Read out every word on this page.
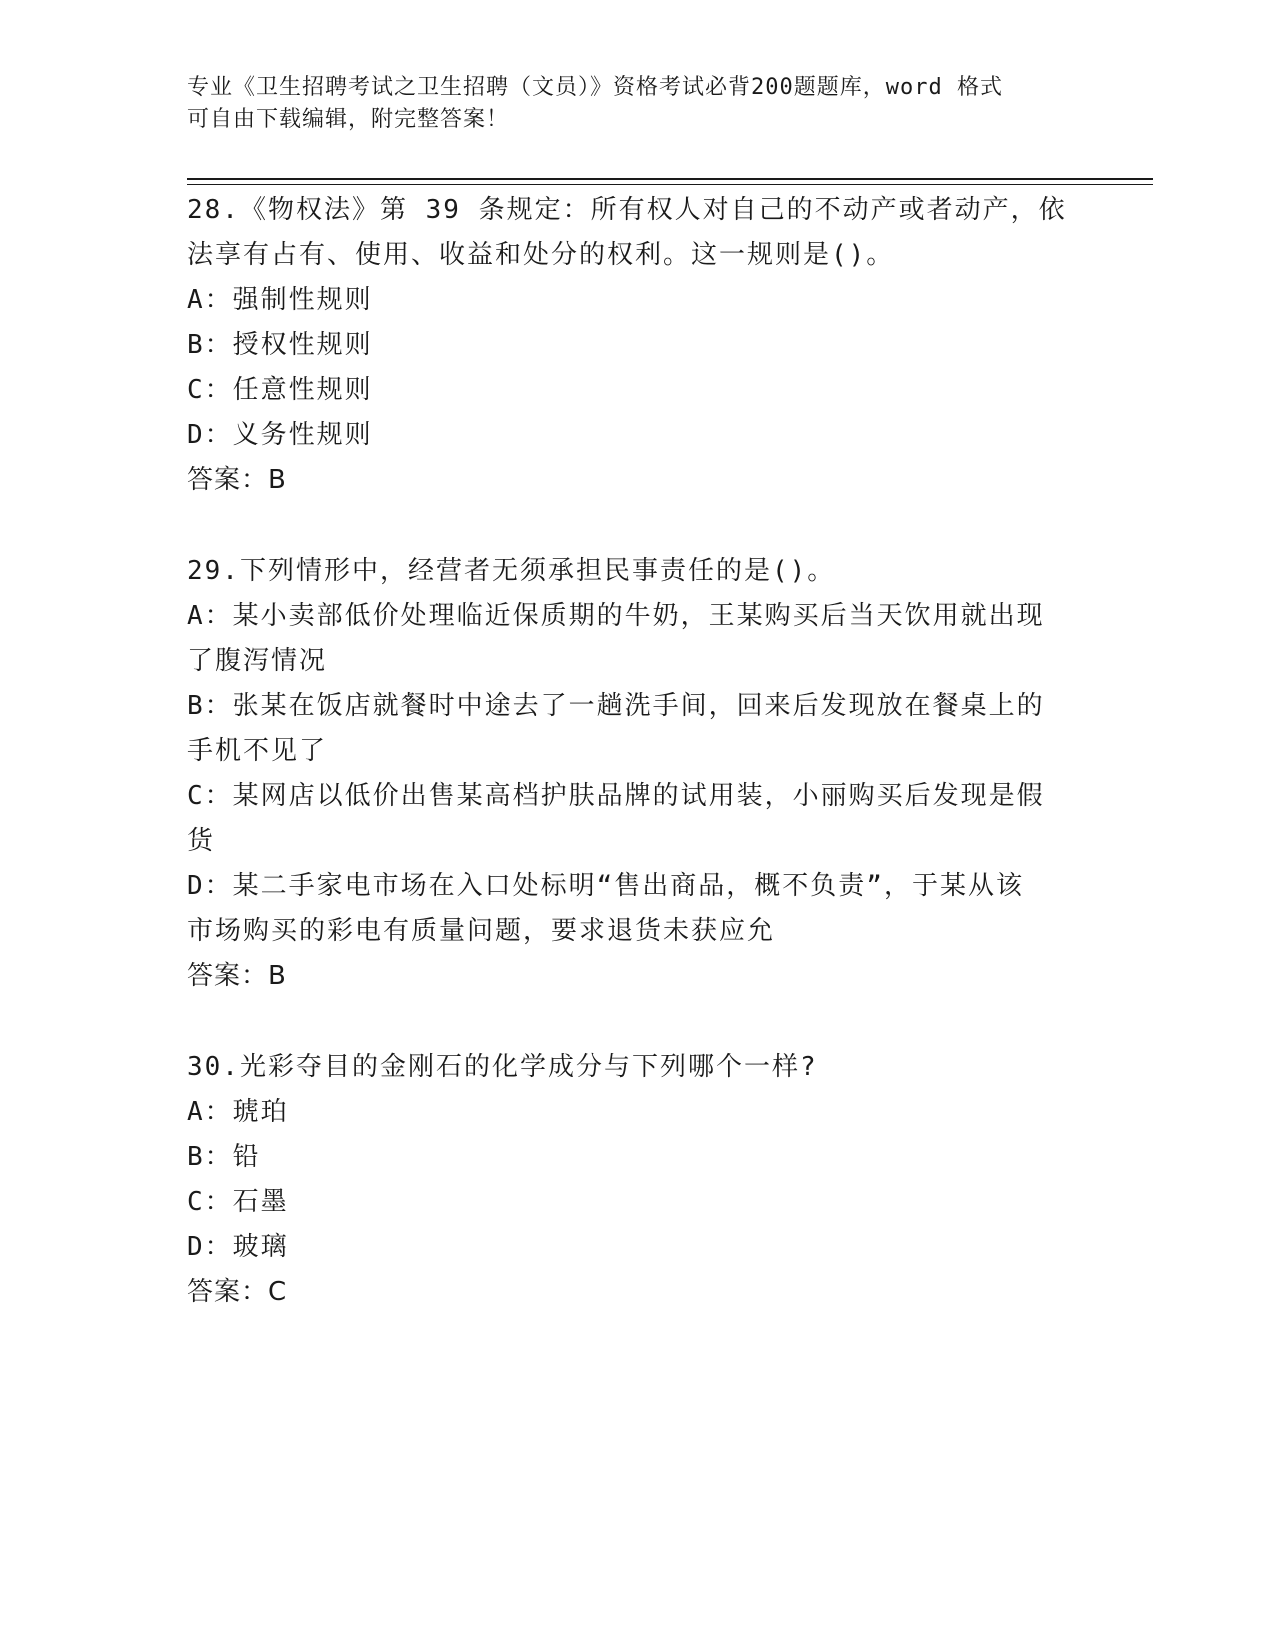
专业《卫生招聘考试之卫生招聘（文员）》资格考试必背200题题库，word 格式
可自由下载编辑，附完整答案！

28.《物权法》第 39 条规定：所有权人对自己的不动产或者动产，依

法享有占有、使用、收益和处分的权利。这一规则是()。

A：强制性规则

B：授权性规则

C：任意性规则

D：义务性规则

答案：B

29.下列情形中，经营者无须承担民事责任的是()。

A：某小卖部低价处理临近保质期的牛奶，王某购买后当天饮用就出现

了腹泻情况

B：张某在饭店就餐时中途去了一趟洗手间，回来后发现放在餐桌上的

手机不见了

C：某网店以低价出售某高档护肤品牌的试用装，小丽购买后发现是假

货

D：某二手家电市场在入口处标明“售出商品，概不负责”，于某从该

市场购买的彩电有质量问题，要求退货未获应允

答案：B

30.光彩夺目的金刚石的化学成分与下列哪个一样?

A：琥珀

B：铅

C：石墨

D：玻璃

答案：C
